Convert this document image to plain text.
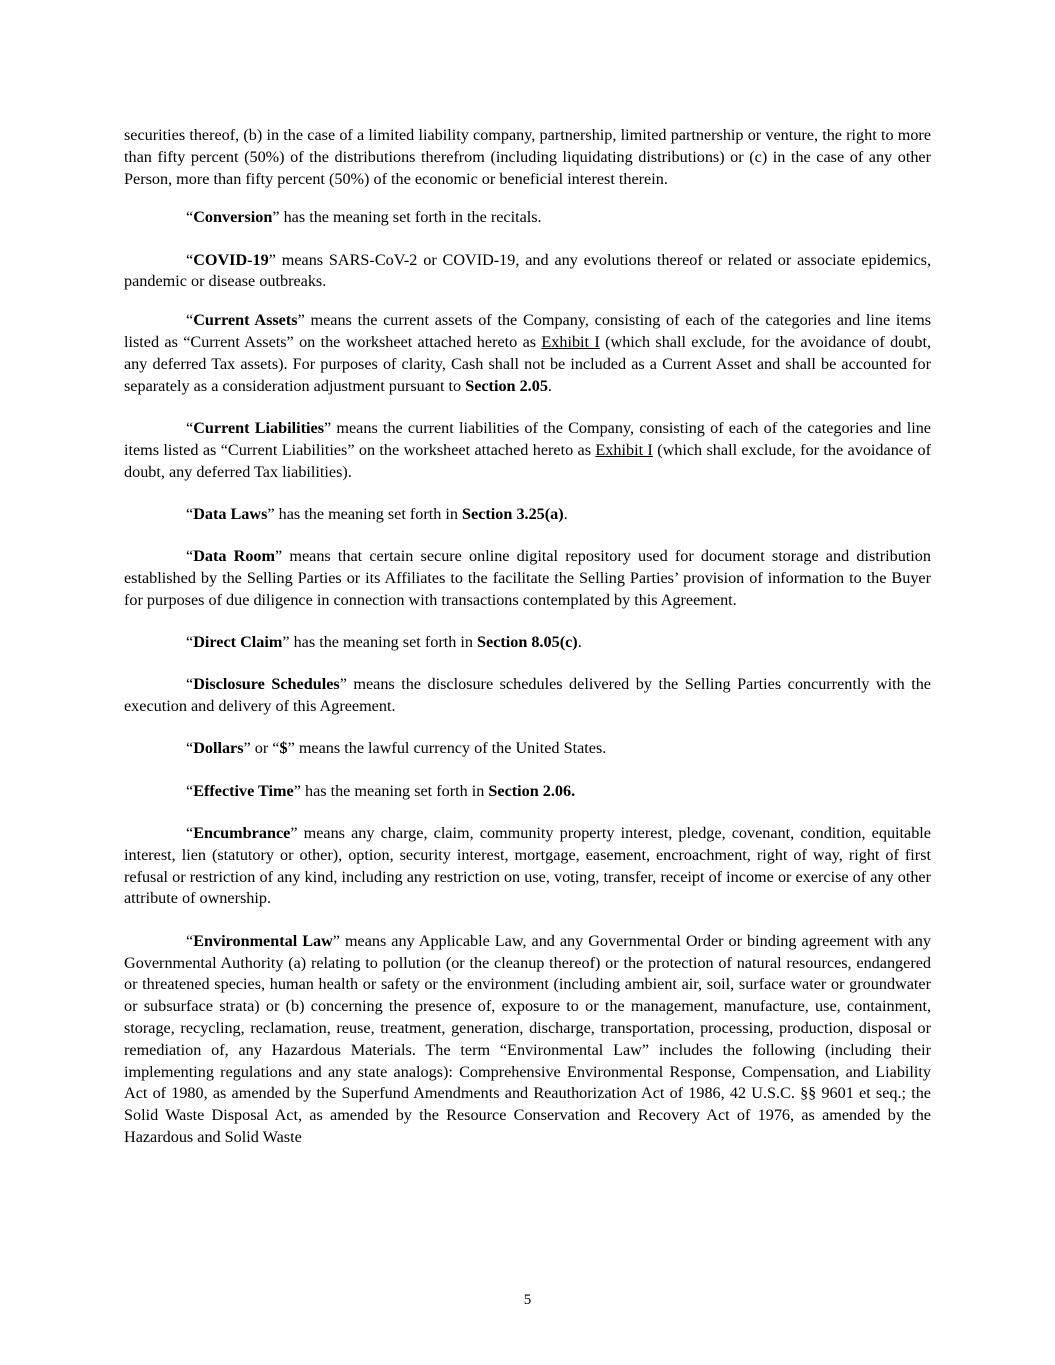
securities thereof, (b) in the case of a limited liability company, partnership, limited partnership or venture, the right to more than fifty percent (50%) of the distributions therefrom (including liquidating distributions) or (c) in the case of any other Person, more than fifty percent (50%) of the economic or beneficial interest therein.

“Conversion” has the meaning set forth in the recitals.

“COVID-19” means SARS-CoV-2 or COVID-19, and any evolutions thereof or related or associate epidemics, pandemic or disease outbreaks.

“Current Assets” means the current assets of the Company, consisting of each of the categories and line items listed as “Current Assets” on the worksheet attached hereto as Exhibit I (which shall exclude, for the avoidance of doubt, any deferred Tax assets). For purposes of clarity, Cash shall not be included as a Current Asset and shall be accounted for separately as a consideration adjustment pursuant to Section 2.05.

“Current Liabilities” means the current liabilities of the Company, consisting of each of the categories and line items listed as “Current Liabilities” on the worksheet attached hereto as Exhibit I (which shall exclude, for the avoidance of doubt, any deferred Tax liabilities).

“Data Laws” has the meaning set forth in Section 3.25(a).

“Data Room” means that certain secure online digital repository used for document storage and distribution established by the Selling Parties or its Affiliates to the facilitate the Selling Parties’ provision of information to the Buyer for purposes of due diligence in connection with transactions contemplated by this Agreement.

“Direct Claim” has the meaning set forth in Section 8.05(c).

“Disclosure Schedules” means the disclosure schedules delivered by the Selling Parties concurrently with the execution and delivery of this Agreement.

“Dollars” or “$” means the lawful currency of the United States.

“Effective Time” has the meaning set forth in Section 2.06.

“Encumbrance” means any charge, claim, community property interest, pledge, covenant, condition, equitable interest, lien (statutory or other), option, security interest, mortgage, easement, encroachment, right of way, right of first refusal or restriction of any kind, including any restriction on use, voting, transfer, receipt of income or exercise of any other attribute of ownership.

“Environmental Law” means any Applicable Law, and any Governmental Order or binding agreement with any Governmental Authority (a) relating to pollution (or the cleanup thereof) or the protection of natural resources, endangered or threatened species, human health or safety or the environment (including ambient air, soil, surface water or groundwater or subsurface strata) or (b) concerning the presence of, exposure to or the management, manufacture, use, containment, storage, recycling, reclamation, reuse, treatment, generation, discharge, transportation, processing, production, disposal or remediation of, any Hazardous Materials. The term “Environmental Law” includes the following (including their implementing regulations and any state analogs): Comprehensive Environmental Response, Compensation, and Liability Act of 1980, as amended by the Superfund Amendments and Reauthorization Act of 1986, 42 U.S.C. §§ 9601 et seq.; the Solid Waste Disposal Act, as amended by the Resource Conservation and Recovery Act of 1976, as amended by the Hazardous and Solid Waste

5
